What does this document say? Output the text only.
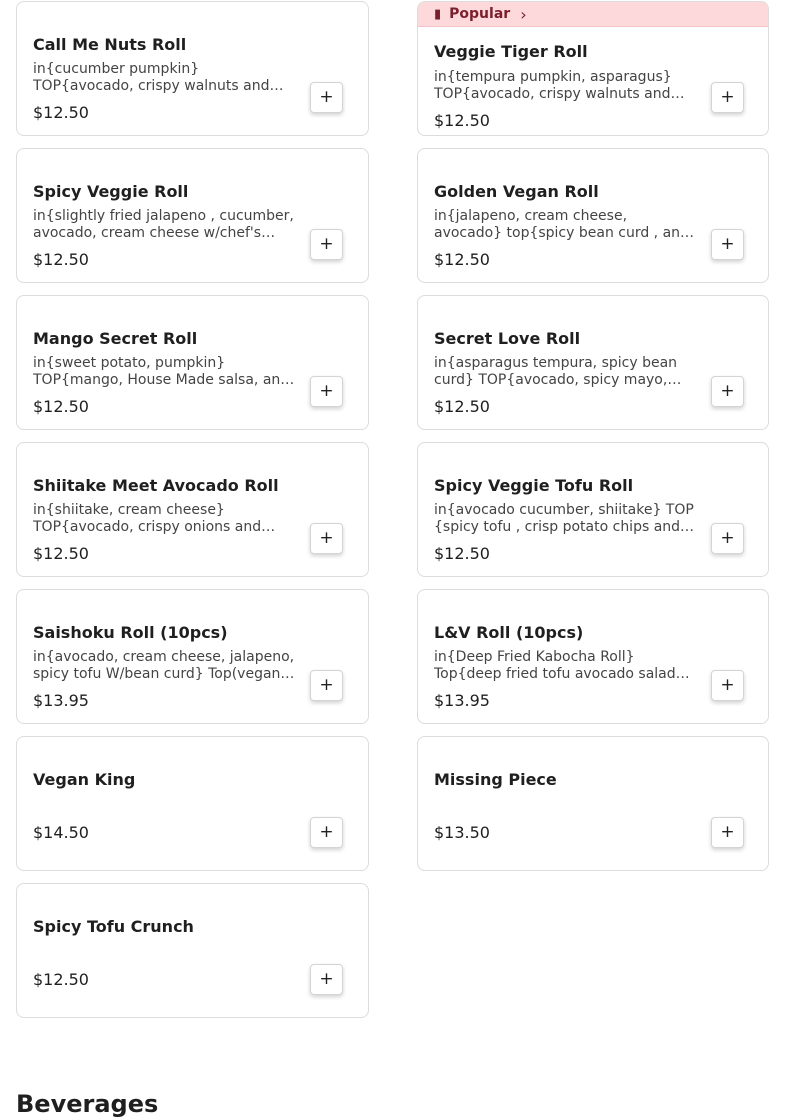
Call Me Nuts Roll
in{cucumber pumpkin} TOP{avocado, crispy walnuts and
$12.50
+
▮ Popular ›
Veggie Tiger Roll
in{tempura pumpkin, asparagus} TOP{avocado, crispy walnuts and
$12.50
+
Spicy Veggie Roll
in{slightly fried jalapeno , cucumber, avocado, cream cheese w/chef's
$12.50
+
Golden Vegan Roll
in{jalapeno, cream cheese, avocado} top{spicy bean curd , and
$12.50
+
Mango Secret Roll
in{sweet potato, pumpkin} TOP{mango, House Made salsa, and
$12.50
+
Secret Love Roll
in{asparagus tempura, spicy bean curd} TOP{avocado, spicy mayo,
$12.50
+
Shiitake Meet Avocado Roll
in{shiitake, cream cheese} TOP{avocado, crispy onions and
$12.50
+
Spicy Veggie Tofu Roll
in{avocado cucumber, shiitake} TOP {spicy tofu , crisp potato chips and
$12.50
+
Saishoku Roll (10pcs)
in{avocado, cream cheese, jalapeno, spicy tofu W/bean curd} Top(vegan
$13.95
+
L&V Roll (10pcs)
in{Deep Fried Kabocha Roll} Top{deep fried tofu avocado salad
$13.95
+
Vegan King
$14.50	+
Missing Piece
$13.50	+
Spicy Tofu Crunch
$12.50	+
Beverages
